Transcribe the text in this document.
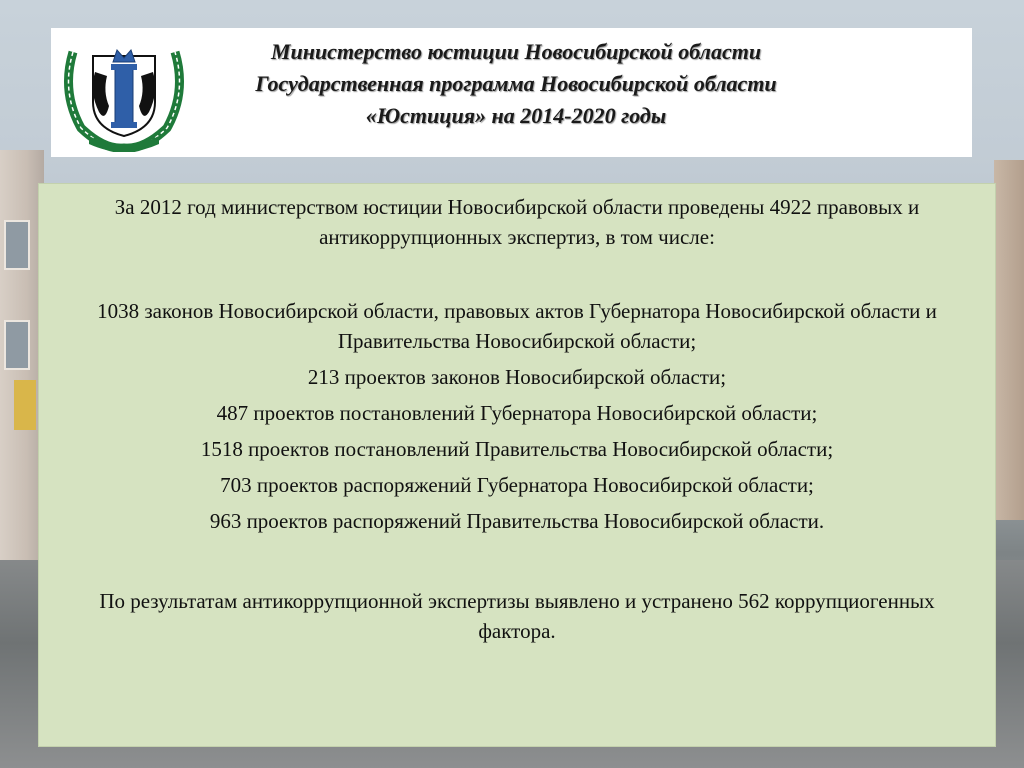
Министерство юстиции Новосибирской области
Государственная программа Новосибирской области
«Юстиция» на 2014-2020 годы

За 2012 год министерством юстиции Новосибирской области проведены 4922 правовых и антикоррупционных экспертиз, в том числе:

1038 законов Новосибирской области, правовых актов Губернатора Новосибирской области и Правительства Новосибирской области;

213 проектов законов Новосибирской области;

487 проектов постановлений Губернатора Новосибирской области;

1518 проектов постановлений Правительства Новосибирской области;

703 проектов распоряжений Губернатора Новосибирской области;

963 проектов распоряжений Правительства Новосибирской области.

По результатам антикоррупционной экспертизы выявлено и устранено 562 коррупциогенных фактора.
